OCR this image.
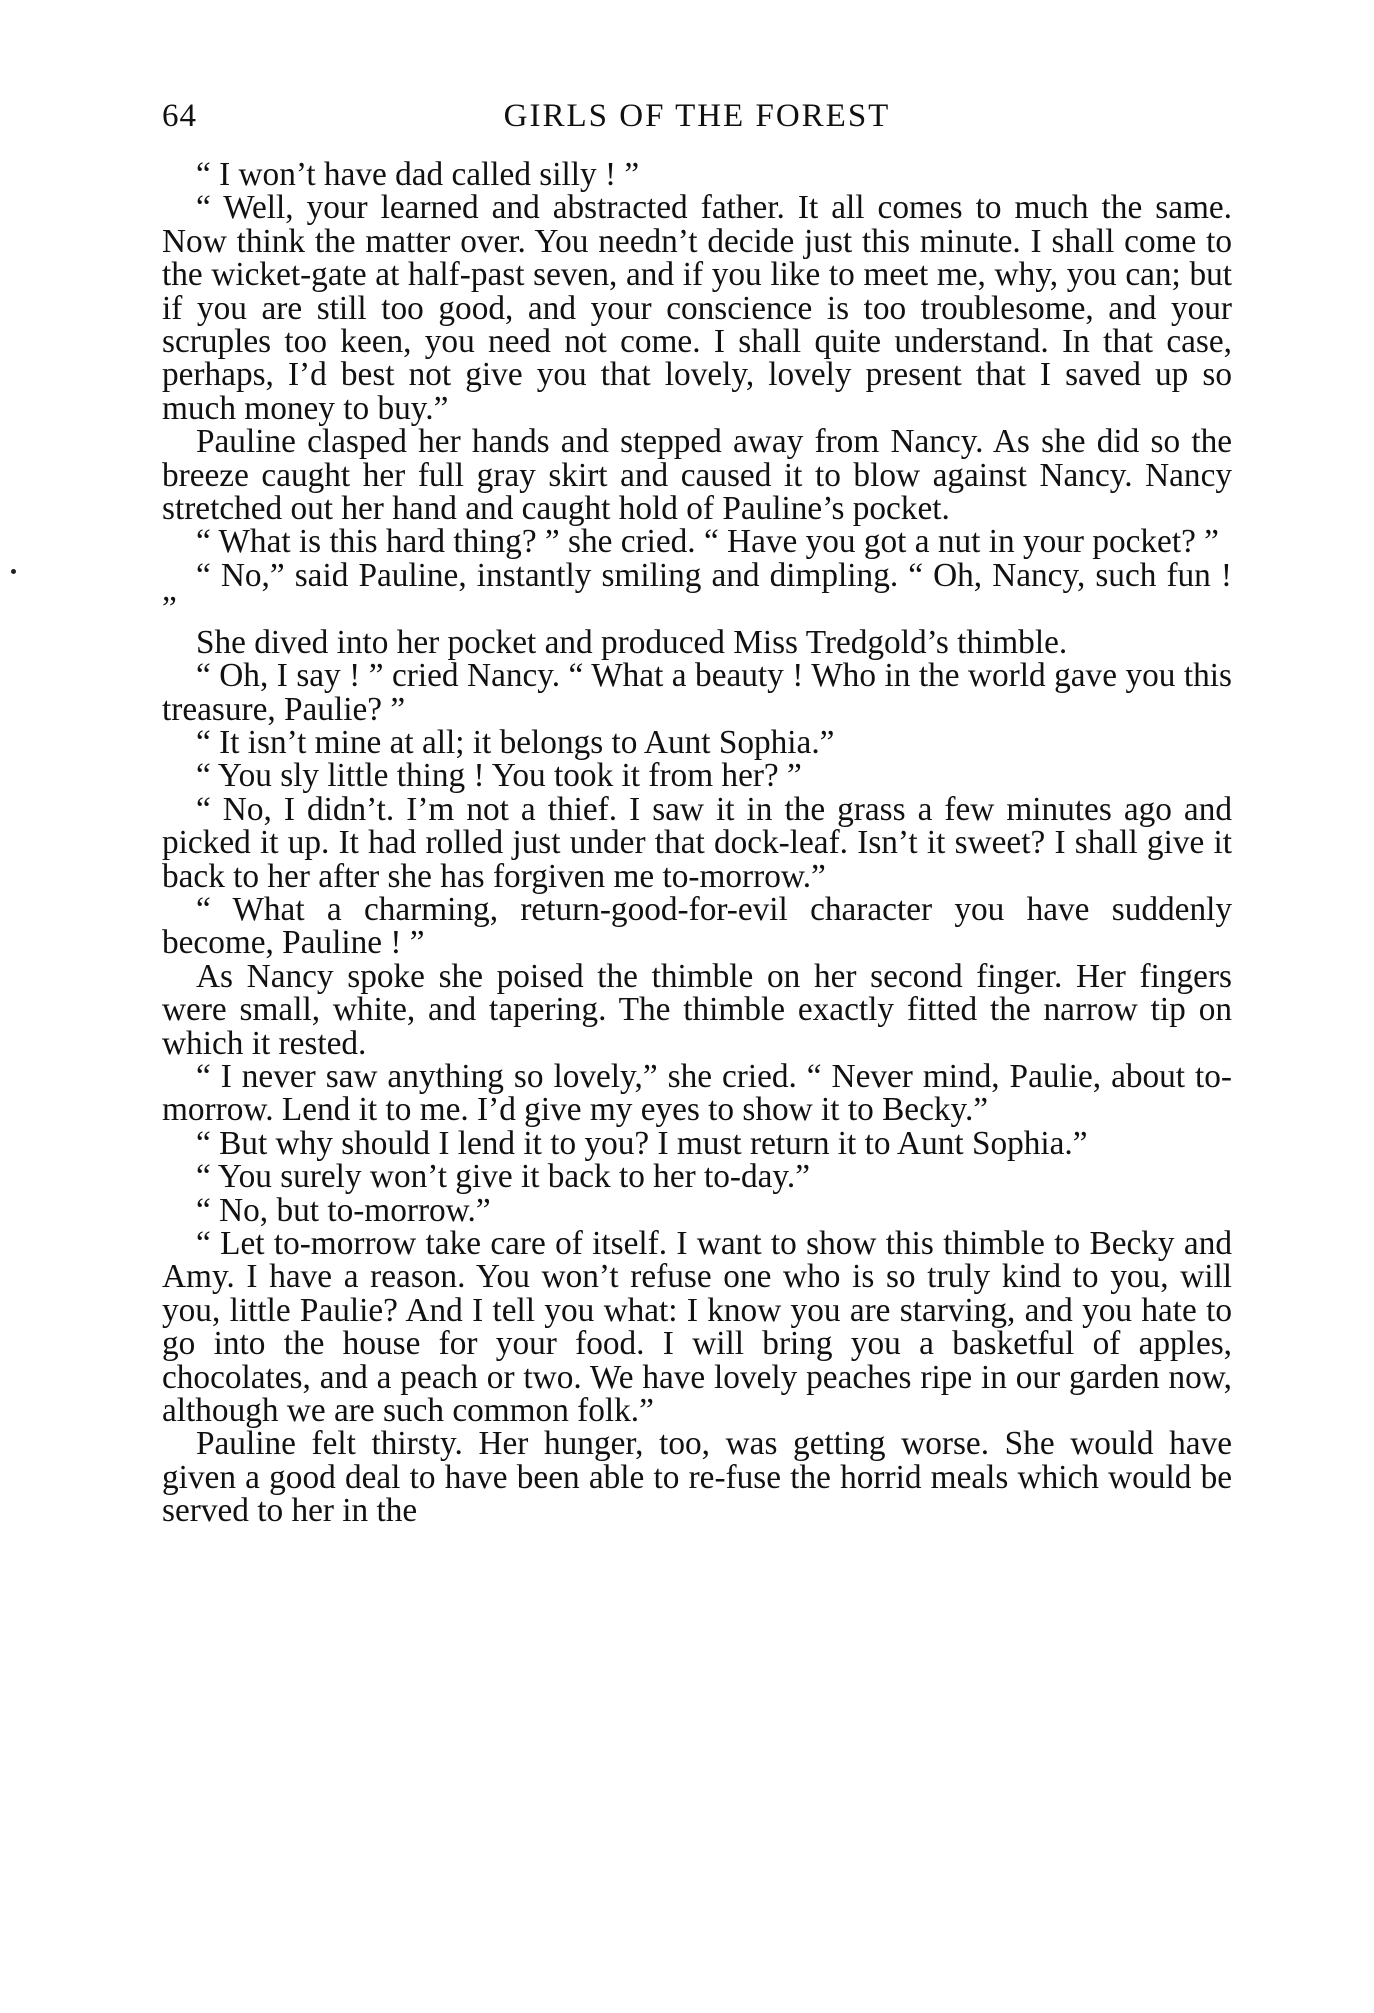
64	GIRLS OF THE FOREST

“ I won’t have dad called silly ! ”

“ Well, your learned and abstracted father. It all comes to much the same. Now think the matter over. You needn’t decide just this minute. I shall come to the wicket-gate at half-past seven, and if you like to meet me, why, you can; but if you are still too good, and your conscience is too troublesome, and your scruples too keen, you need not come. I shall quite understand. In that case, perhaps, I’d best not give you that lovely, lovely present that I saved up so much money to buy.”

Pauline clasped her hands and stepped away from Nancy. As she did so the breeze caught her full gray skirt and caused it to blow against Nancy. Nancy stretched out her hand and caught hold of Pauline’s pocket.

“ What is this hard thing? ” she cried. “ Have you got a nut in your pocket? ”

“ No,” said Pauline, instantly smiling and dimpling. “ Oh, Nancy, such fun ! ”

She dived into her pocket and produced Miss Tredgold’s thimble.

“ Oh, I say ! ” cried Nancy. “ What a beauty ! Who in the world gave you this treasure, Paulie? ”

“ It isn’t mine at all; it belongs to Aunt Sophia.”

“ You sly little thing ! You took it from her? ”

“ No, I didn’t. I’m not a thief. I saw it in the grass a few minutes ago and picked it up. It had rolled just under that dock-leaf. Isn’t it sweet? I shall give it back to her after she has forgiven me to-morrow.”

“ What a charming, return-good-for-evil character you have suddenly become, Pauline ! ”

As Nancy spoke she poised the thimble on her second finger. Her fingers were small, white, and tapering. The thimble exactly fitted the narrow tip on which it rested.

“ I never saw anything so lovely,” she cried. “ Never mind, Paulie, about to-morrow. Lend it to me. I’d give my eyes to show it to Becky.”

“ But why should I lend it to you? I must return it to Aunt Sophia.”

“ You surely won’t give it back to her to-day.”

“ No, but to-morrow.”

“ Let to-morrow take care of itself. I want to show this thimble to Becky and Amy. I have a reason. You won’t refuse one who is so truly kind to you, will you, little Paulie? And I tell you what: I know you are starving, and you hate to go into the house for your food. I will bring you a basketful of apples, chocolates, and a peach or two. We have lovely peaches ripe in our garden now, although we are such common folk.”

Pauline felt thirsty. Her hunger, too, was getting worse. She would have given a good deal to have been able to re-fuse the horrid meals which would be served to her in the
